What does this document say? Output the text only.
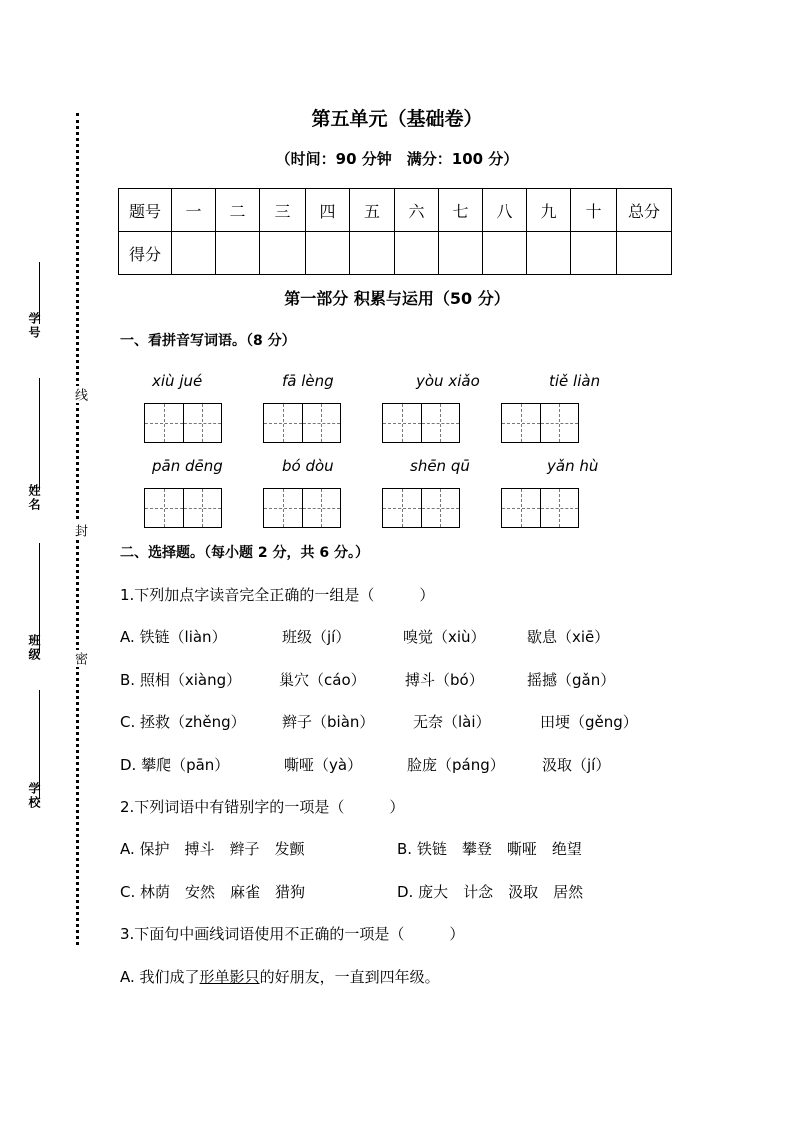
学号
姓名
班级
学校
线
封
密
第五单元（基础卷）
（时间：90 分钟　满分：100 分）
题号	一	二	三	四	五	六	七	八	九	十	总分
得分											
第一部分 积累与运用（50 分）
一、看拼音写词语。（8 分）
xiù jué	fā lèng	yòu xiǎo	tiě liàn
pān dēng	bó dòu	shēn qū	yǎn hù
二、选择题。（每小题 2 分，共 6 分。）
1.下列加点字读音完全正确的一组是（　　　）
A. 铁链（liàn）	班级（jí）	嗅觉（xiù）	歇息（xiē）
B. 照相（xiàng）	巢穴（cáo）	搏斗（bó）	摇撼（gǎn）
C. 拯救（zhěng） 辫子（biàn）	无奈（lài）	田埂（gěng）
D. 攀爬（pān）	嘶哑（yà）	脸庞（páng） 汲取（jí）
2.下列词语中有错别字的一项是（　　　）
A. 保护　搏斗　辫子　发颤	B. 铁链　攀登　嘶哑　绝望
C. 林荫　安然　麻雀　猎狗	D. 庞大　计念　汲取　居然
3.下面句中画线词语使用不正确的一项是（　　　）
A. 我们成了形单影只的好朋友，一直到四年级。
